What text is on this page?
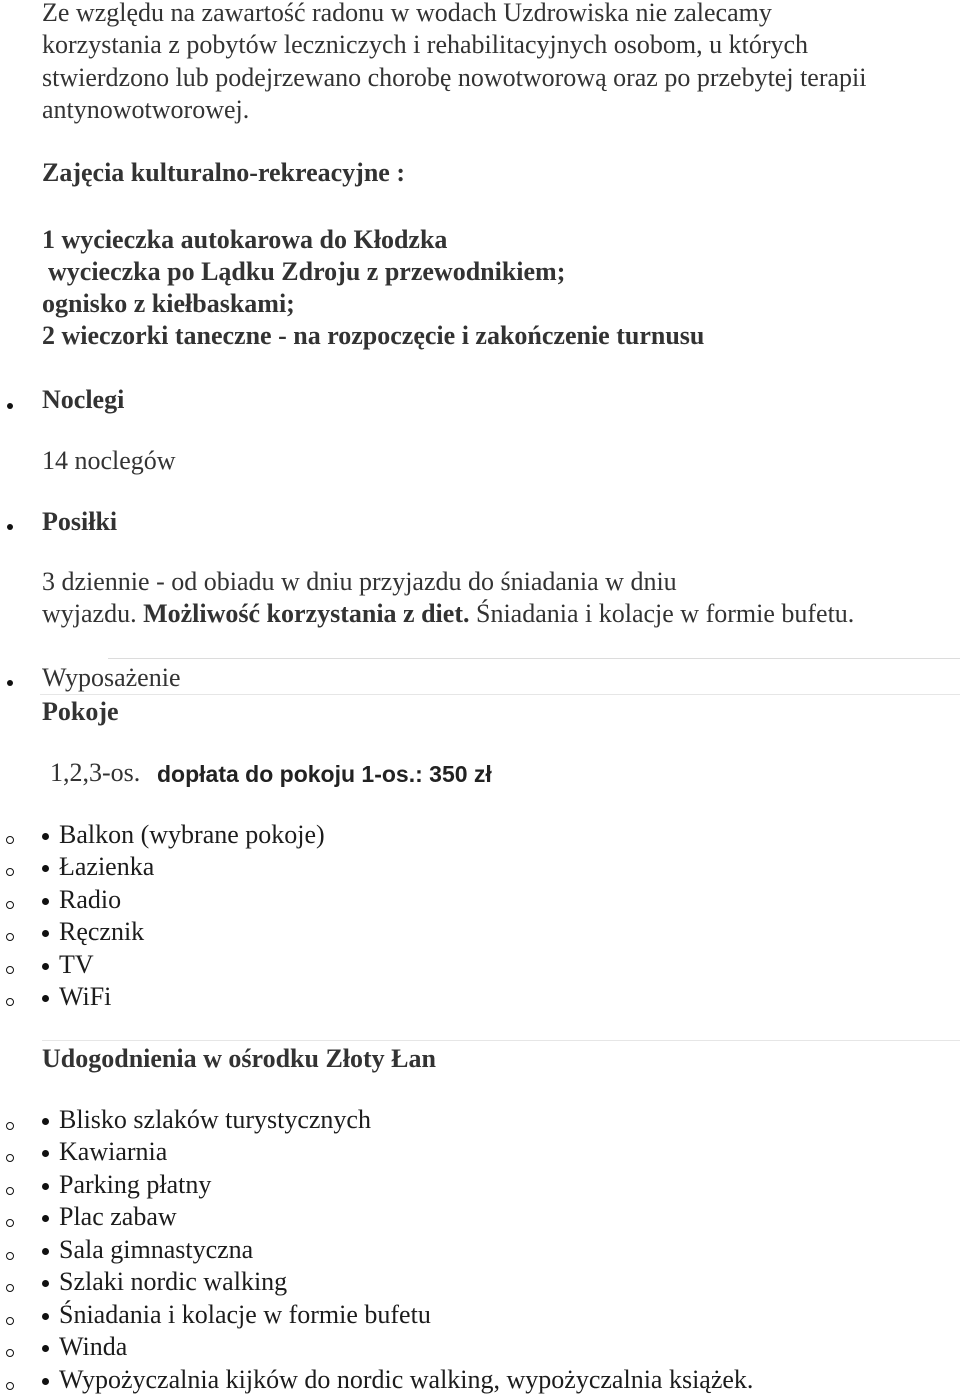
Ze względu na zawartość radonu w wodach Uzdrowiska nie zalecamy

korzystania z pobytów leczniczych i rehabilitacyjnych osobom, u których

stwierdzono lub podejrzewano chorobę nowotworową oraz po przebytej terapii

antynowotworowej.

Zajęcia kulturalno-rekreacyjne :

1 wycieczka autokarowa do Kłodzka

wycieczka po Lądku Zdroju z przewodnikiem;

ognisko z kiełbaskami;

2 wieczorki taneczne - na rozpoczęcie i zakończenie turnusu

Noclegi

14 noclegów

Posiłki

3 dziennie - od obiadu w dniu przyjazdu do śniadania w dniu

wyjazdu. Możliwość korzystania z diet. Śniadania i kolacje w formie bufetu.

Wyposażenie

Pokoje

1,2,3-os. dopłata do pokoju 1-os.: 350 zł

Balkon (wybrane pokoje)

Łazienka

Radio

Ręcznik

TV

WiFi

Udogodnienia w ośrodku Złoty Łan

Blisko szlaków turystycznych

Kawiarnia

Parking płatny

Plac zabaw

Sala gimnastyczna

Szlaki nordic walking

Śniadania i kolacje w formie bufetu

Winda

Wypożyczalnia kijków do nordic walking, wypożyczalnia książek.
